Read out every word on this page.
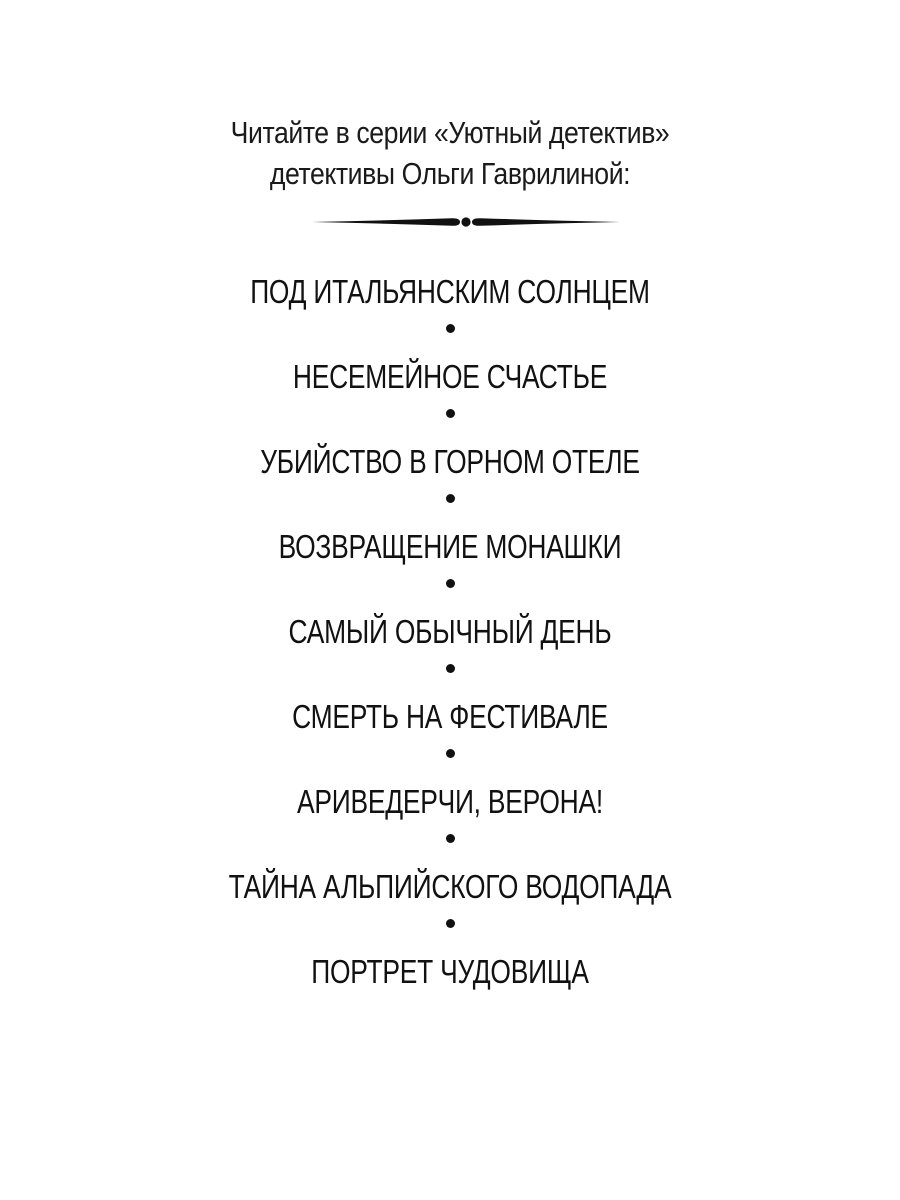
Читайте в серии «Уютный детектив»
детективы Ольги Гаврилиной:
ПОД ИТАЛЬЯНСКИМ СОЛНЦЕМ
НЕСЕМЕЙНОЕ СЧАСТЬЕ
УБИЙСТВО В ГОРНОМ ОТЕЛЕ
ВОЗВРАЩЕНИЕ МОНАШКИ
САМЫЙ ОБЫЧНЫЙ ДЕНЬ
СМЕРТЬ НА ФЕСТИВАЛЕ
АРИВЕДЕРЧИ, ВЕРОНА!
ТАЙНА АЛЬПИЙСКОГО ВОДОПАДА
ПОРТРЕТ ЧУДОВИЩА
